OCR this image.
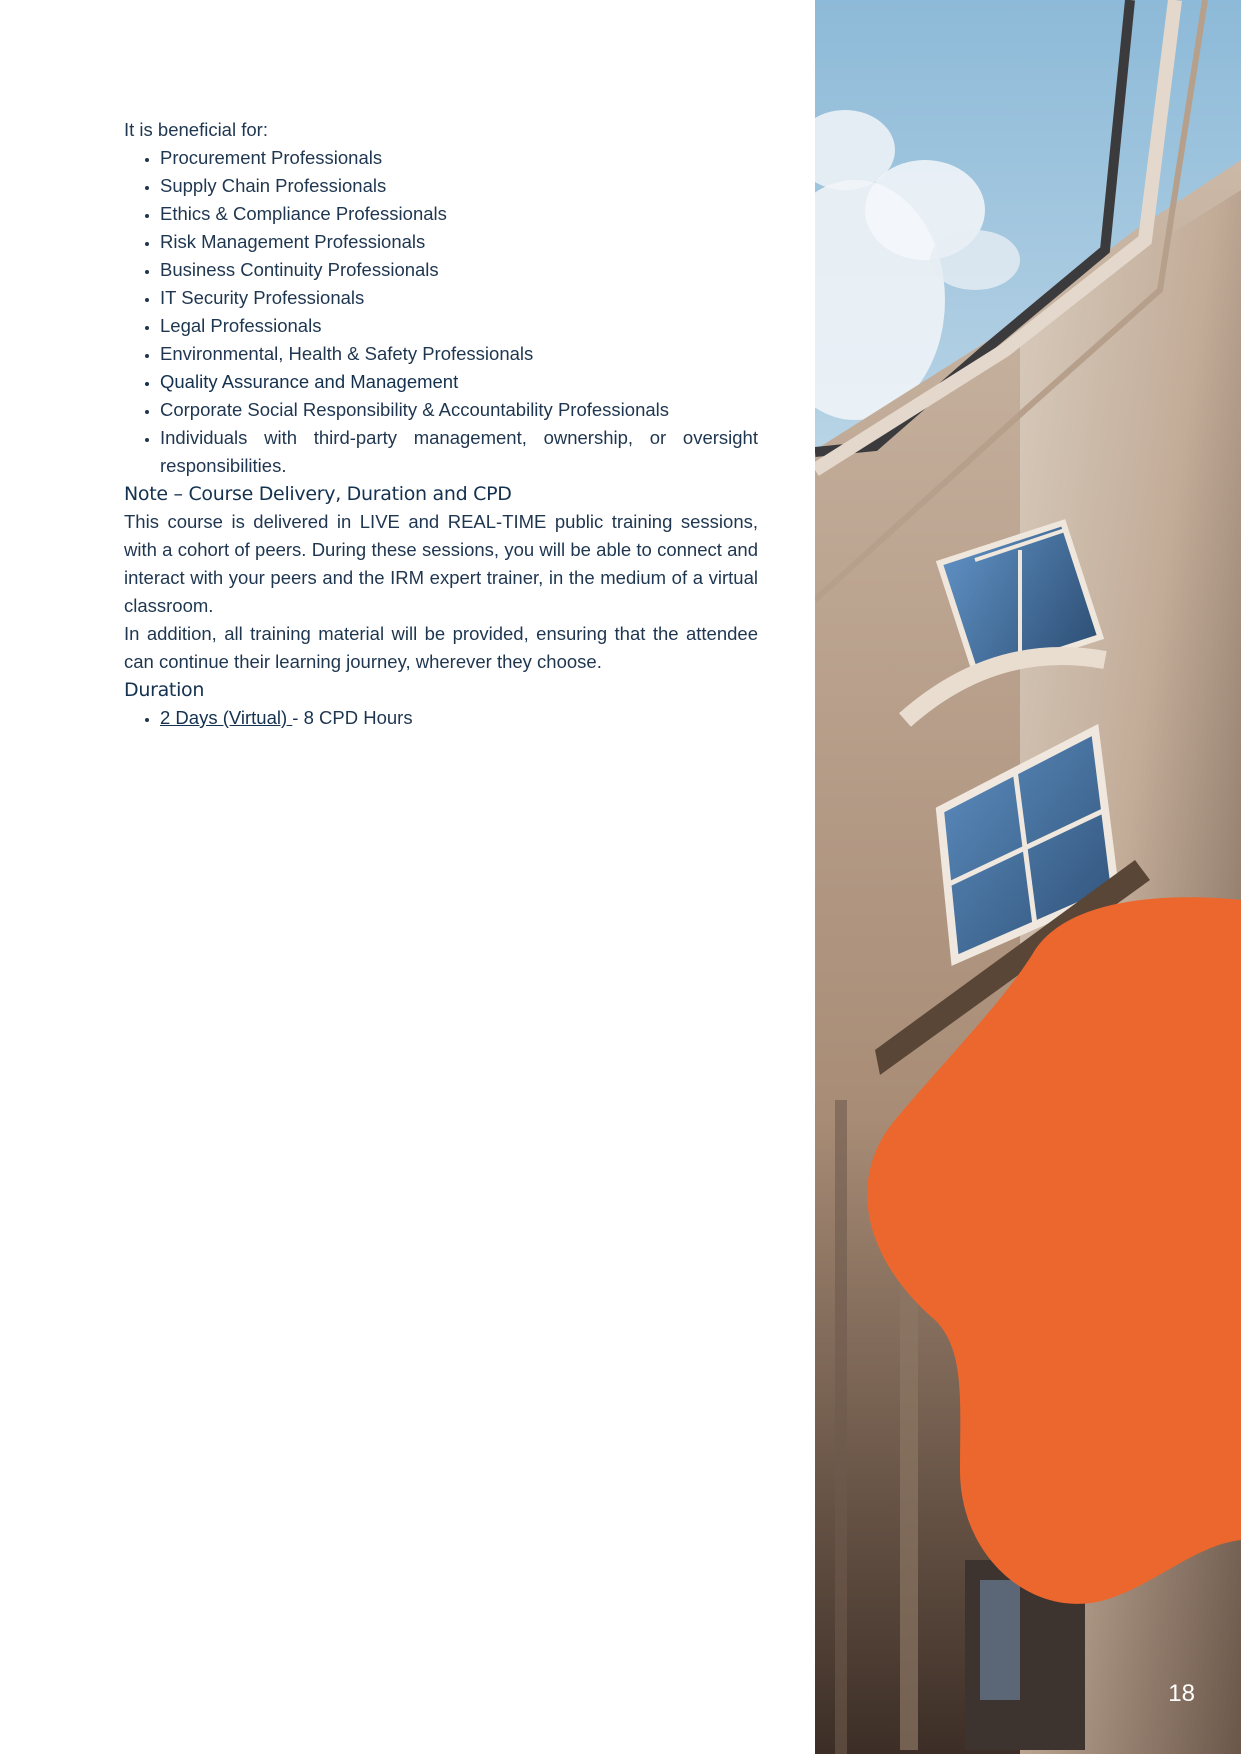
It is beneficial for:

• Procurement Professionals
• Supply Chain Professionals
• Ethics & Compliance Professionals
• Risk Management Professionals
• Business Continuity Professionals
• IT Security Professionals
• Legal Professionals
• Environmental, Health & Safety Professionals
• Quality Assurance and Management
• Corporate Social Responsibility & Accountability Professionals
• Individuals with third-party management, ownership, or oversight responsibilities.

Note – Course Delivery, Duration and CPD

This course is delivered in LIVE and REAL-TIME public training sessions, with a cohort of peers. During these sessions, you will be able to connect and interact with your peers and the IRM expert trainer, in the medium of a virtual classroom.

In addition, all training material will be provided, ensuring that the attendee can continue their learning journey, wherever they choose.

Duration

• 2 Days (Virtual) - 8 CPD Hours
18
